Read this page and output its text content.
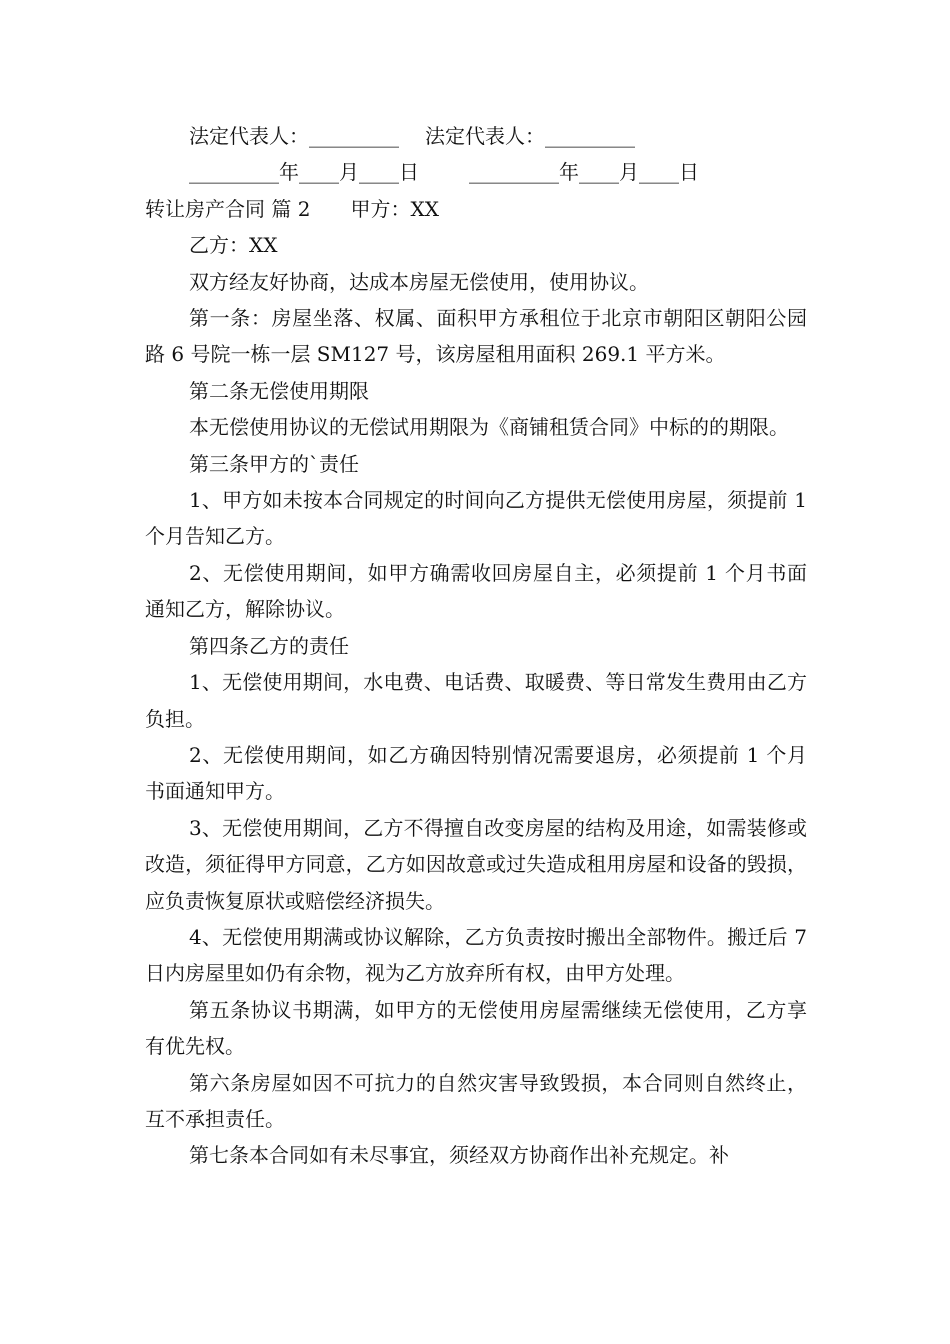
法定代表人：_________ 法定代表人：_________

_________年____月____日	_________年____月____日

转让房产合同 篇 2 甲方：XX

乙方：XX

双方经友好协商，达成本房屋无偿使用，使用协议。

第一条：房屋坐落、权属、面积甲方承租位于北京市朝阳区朝阳公园路 6 号院一栋一层 SM127 号，该房屋租用面积 269.1 平方米。

第二条无偿使用期限

本无偿使用协议的无偿试用期限为《商铺租赁合同》中标的的期限。

第三条甲方的`责任

1、甲方如未按本合同规定的时间向乙方提供无偿使用房屋，须提前 1 个月告知乙方。

2、无偿使用期间，如甲方确需收回房屋自主，必须提前 1 个月书面通知乙方，解除协议。

第四条乙方的责任

1、无偿使用期间，水电费、电话费、取暖费、等日常发生费用由乙方负担。

2、无偿使用期间，如乙方确因特别情况需要退房，必须提前 1 个月书面通知甲方。

3、无偿使用期间，乙方不得擅自改变房屋的结构及用途，如需装修或改造，须征得甲方同意，乙方如因故意或过失造成租用房屋和设备的毁损，应负责恢复原状或赔偿经济损失。

4、无偿使用期满或协议解除，乙方负责按时搬出全部物件。搬迁后 7 日内房屋里如仍有余物，视为乙方放弃所有权，由甲方处理。

第五条协议书期满，如甲方的无偿使用房屋需继续无偿使用，乙方享有优先权。

第六条房屋如因不可抗力的自然灾害导致毁损，本合同则自然终止，互不承担责任。

第七条本合同如有未尽事宜，须经双方协商作出补充规定。补
